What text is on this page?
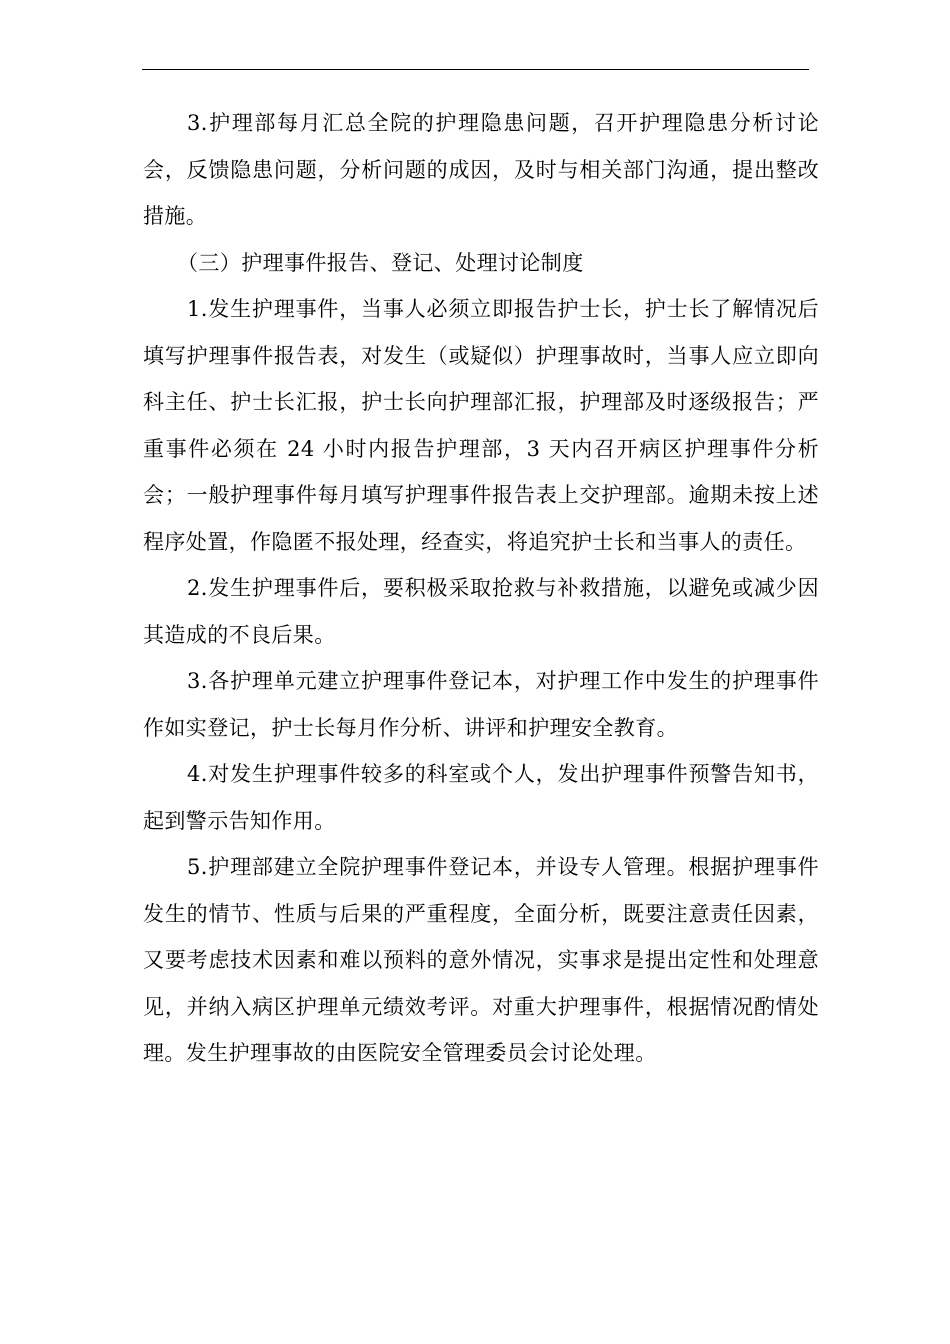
3.护理部每月汇总全院的护理隐患问题，召开护理隐患分析讨论会，反馈隐患问题，分析问题的成因，及时与相关部门沟通，提出整改措施。

（三）护理事件报告、登记、处理讨论制度

1.发生护理事件，当事人必须立即报告护士长，护士长了解情况后填写护理事件报告表，对发生（或疑似）护理事故时，当事人应立即向科主任、护士长汇报，护士长向护理部汇报，护理部及时逐级报告；严重事件必须在 24 小时内报告护理部，3 天内召开病区护理事件分析会；一般护理事件每月填写护理事件报告表上交护理部。逾期未按上述程序处置，作隐匿不报处理，经查实，将追究护士长和当事人的责任。

2.发生护理事件后，要积极采取抢救与补救措施，以避免或减少因其造成的不良后果。

3.各护理单元建立护理事件登记本，对护理工作中发生的护理事件作如实登记，护士长每月作分析、讲评和护理安全教育。

4.对发生护理事件较多的科室或个人，发出护理事件预警告知书，起到警示告知作用。

5.护理部建立全院护理事件登记本，并设专人管理。根据护理事件发生的情节、性质与后果的严重程度，全面分析，既要注意责任因素，又要考虑技术因素和难以预料的意外情况，实事求是提出定性和处理意见，并纳入病区护理单元绩效考评。对重大护理事件，根据情况酌情处理。发生护理事故的由医院安全管理委员会讨论处理。
